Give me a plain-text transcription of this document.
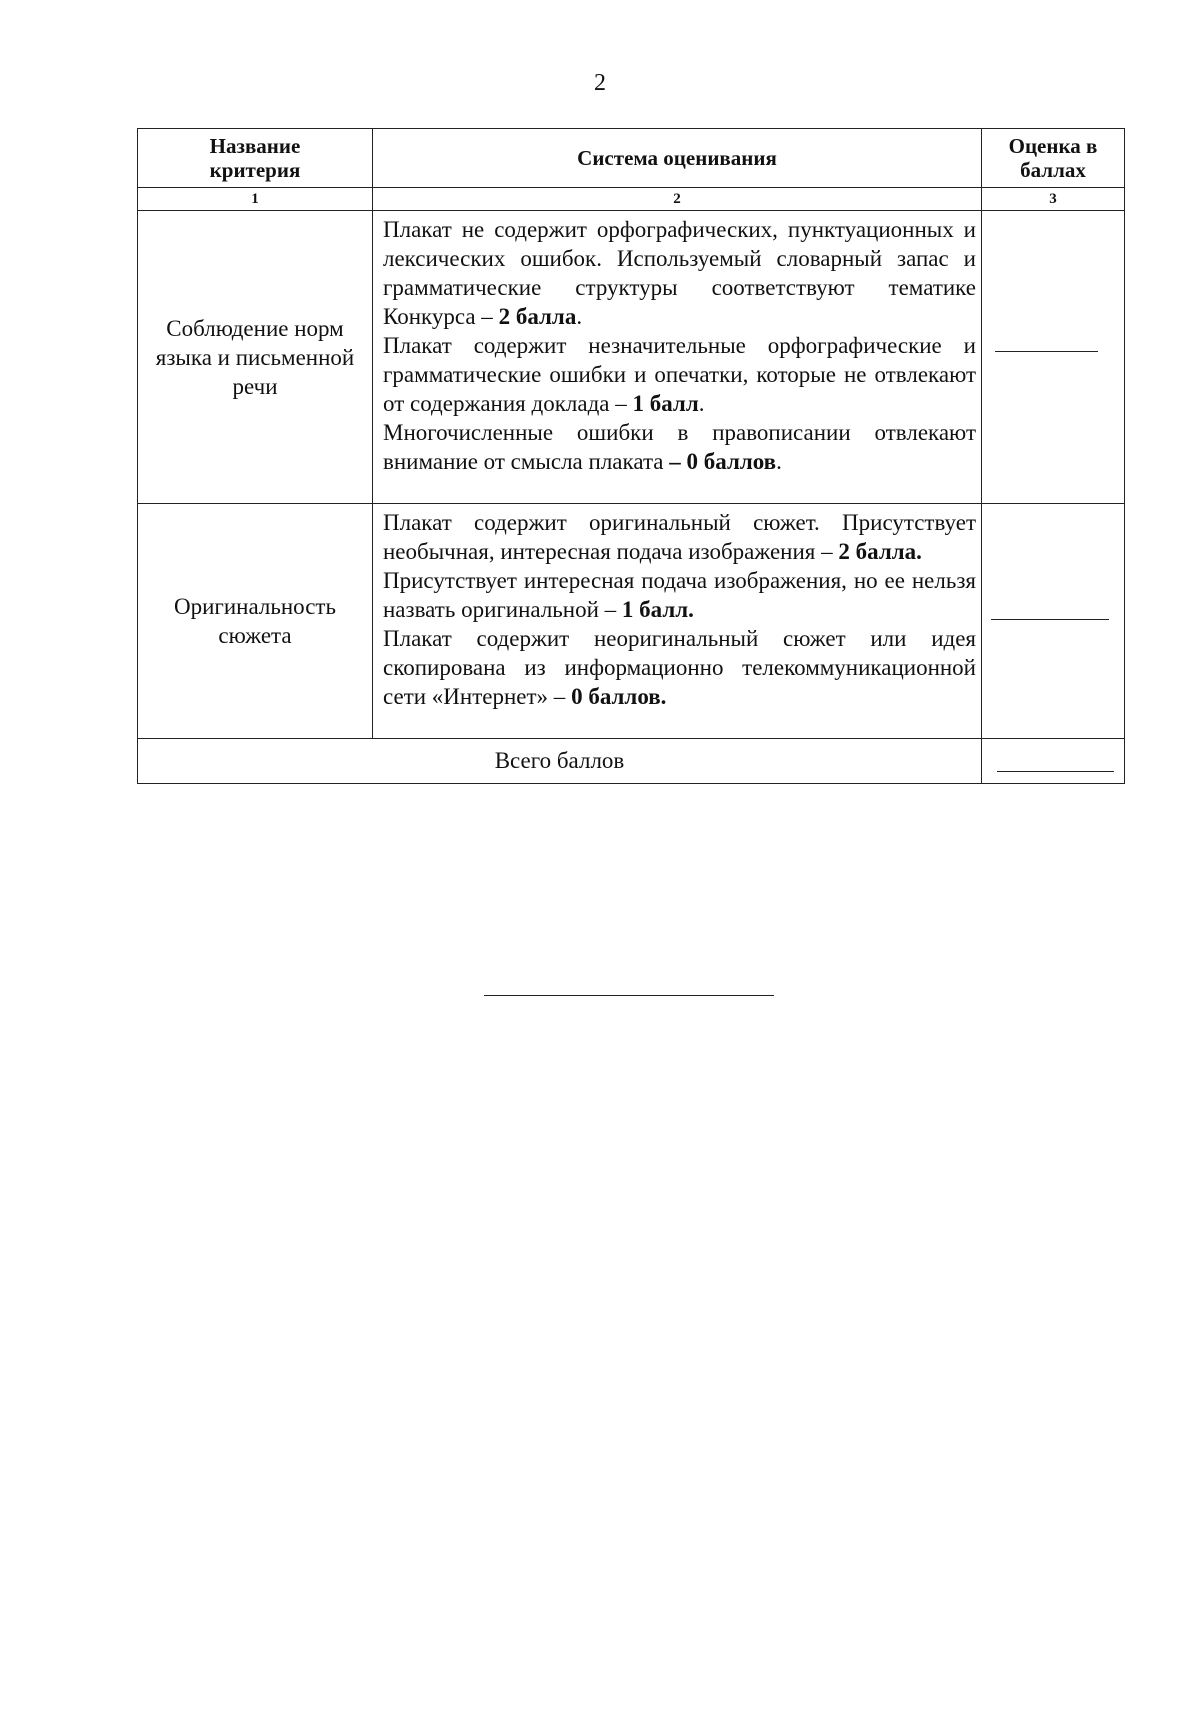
2
Название критерия	Система оценивания	Оценка в баллах
1	2	3
Соблюдение норм языка и письменной речи	Плакат не содержит орфографических, пунктуационных и лексических ошибок. Используемый словарный запас и грамматические структуры соответствуют тематике Конкурса – 2 балла.

Плакат содержит незначительные орфографические и грамматические ошибки и опечатки, которые не отвлекают от содержания доклада – 1 балл.

Многочисленные ошибки в правописании отвлекают внимание от смысла плаката – 0 баллов.	

Оригинальность сюжета	Плакат содержит оригинальный сюжет. Присутствует необычная, интересная подача изображения – 2 балла.

Присутствует интересная подача изображения, но ее нельзя назвать оригинальной – 1 балл.

Плакат содержит неоригинальный сюжет или идея скопирована из информационно телекоммуникационной сети «Интернет» – 0 баллов.	

Всего баллов		
